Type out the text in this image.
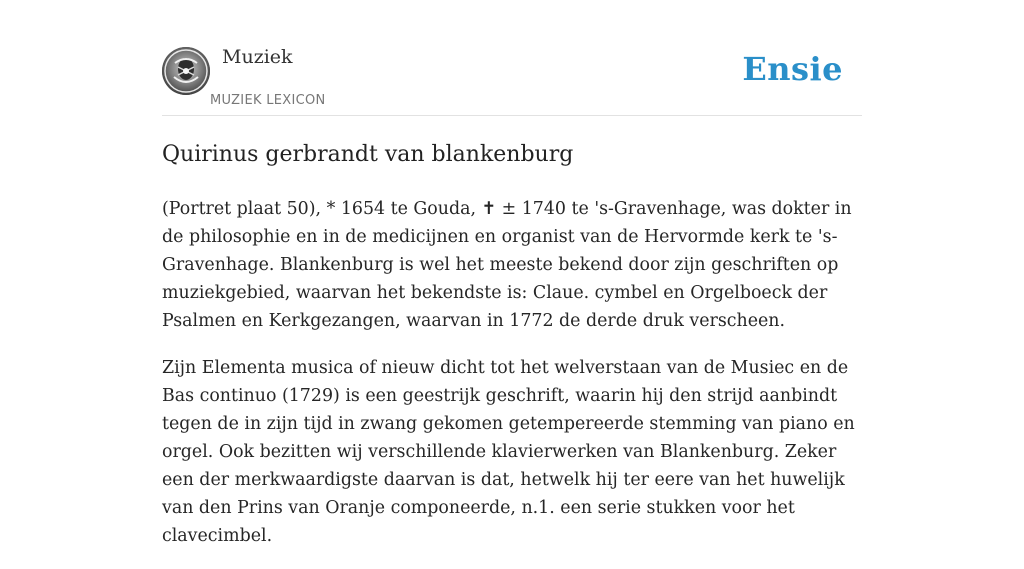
Muziek
MUZIEK LEXICON
Ensie
Quirinus gerbrandt van blankenburg

(Portret plaat 50), * 1654 te Gouda, ✝ ± 1740 te 's-Gravenhage, was dokter in de philosophie en in de medicijnen en organist van de Hervormde kerk te 's-Gravenhage. Blankenburg is wel het meeste bekend door zijn geschriften op muziekgebied, waarvan het bekendste is: Claue. cymbel en Orgelboeck der Psalmen en Kerkgezangen, waarvan in 1772 de derde druk verscheen.

Zijn Elementa musica of nieuw dicht tot het welverstaan van de Musiec en de Bas continuo (1729) is een geestrijk geschrift, waarin hij den strijd aanbindt tegen de in zijn tijd in zwang gekomen getempereerde stemming van piano en orgel. Ook bezitten wij verschillende klavierwerken van Blankenburg. Zeker een der merkwaardigste daarvan is dat, hetwelk hij ter eere van het huwelijk van den Prins van Oranje componeerde, n.1. een serie stukken voor het clavecimbel.
